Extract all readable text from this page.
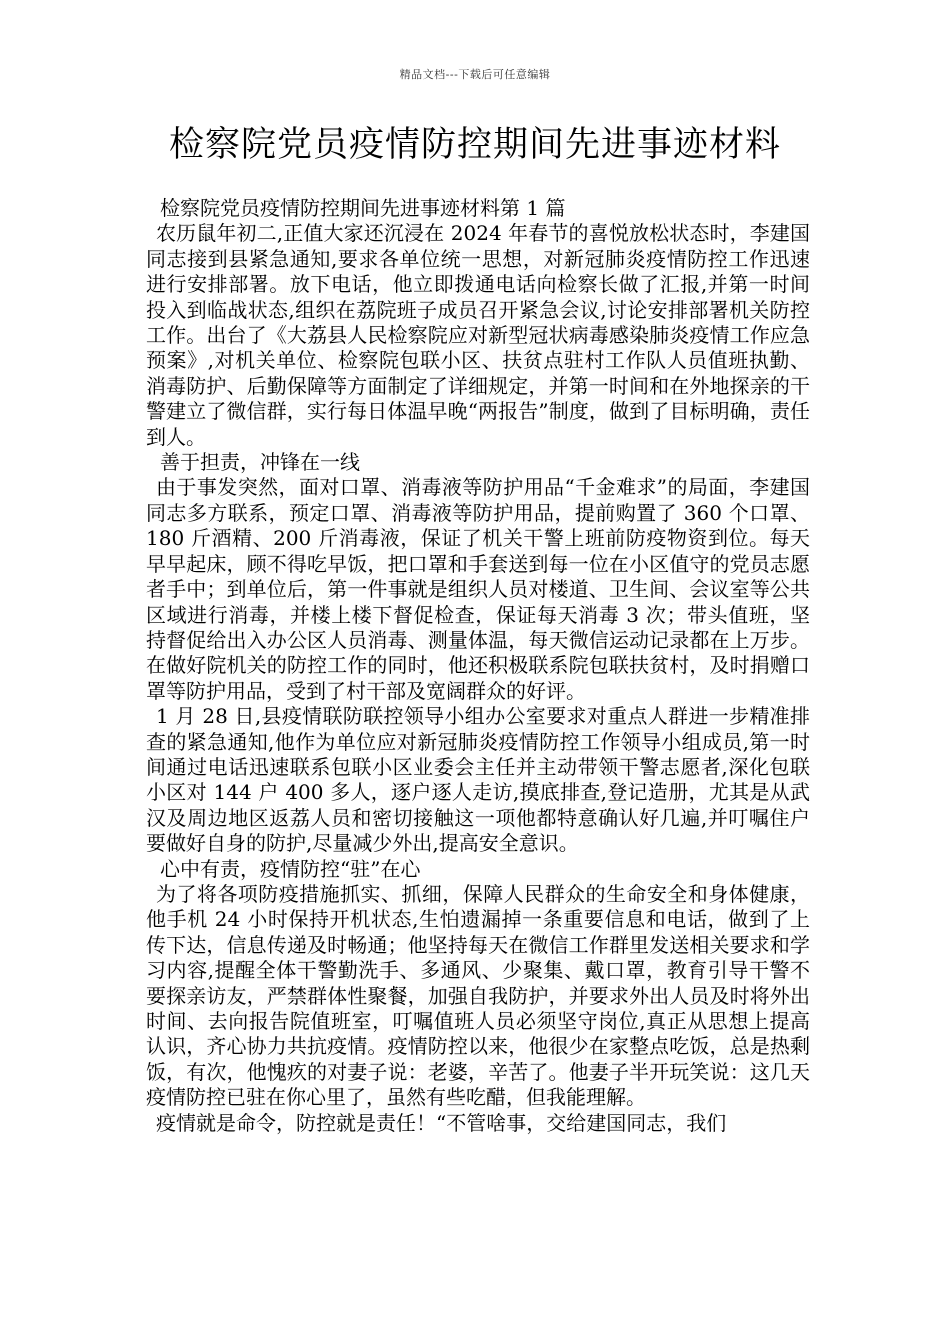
精品文档---下载后可任意编辑
检察院党员疫情防控期间先进事迹材料

检察院党员疫情防控期间先进事迹材料第 1 篇

农历鼠年初二,正值大家还沉浸在 2024 年春节的喜悦放松状态时，李建国同志接到县紧急通知,要求各单位统一思想，对新冠肺炎疫情防控工作迅速进行安排部署。放下电话，他立即拨通电话向检察长做了汇报,并第一时间投入到临战状态,组织在荔院班子成员召开紧急会议,讨论安排部署机关防控工作。出台了《大荔县人民检察院应对新型冠状病毒感染肺炎疫情工作应急预案》,对机关单位、检察院包联小区、扶贫点驻村工作队人员值班执勤、消毒防护、后勤保障等方面制定了详细规定，并第一时间和在外地探亲的干警建立了微信群，实行每日体温早晚“两报告”制度，做到了目标明确，责任到人。

善于担责，冲锋在一线

由于事发突然，面对口罩、消毒液等防护用品“千金难求”的局面，李建国同志多方联系，预定口罩、消毒液等防护用品，提前购置了 360 个口罩、180 斤酒精、200 斤消毒液，保证了机关干警上班前防疫物资到位。每天早早起床，顾不得吃早饭，把口罩和手套送到每一位在小区值守的党员志愿者手中；到单位后，第一件事就是组织人员对楼道、卫生间、会议室等公共区域进行消毒，并楼上楼下督促检查，保证每天消毒 3 次；带头值班，坚持督促给出入办公区人员消毒、测量体温，每天微信运动记录都在上万步。在做好院机关的防控工作的同时，他还积极联系院包联扶贫村，及时捐赠口罩等防护用品，受到了村干部及宽阔群众的好评。

1 月 28 日,县疫情联防联控领导小组办公室要求对重点人群进一步精准排查的紧急通知,他作为单位应对新冠肺炎疫情防控工作领导小组成员,第一时间通过电话迅速联系包联小区业委会主任并主动带领干警志愿者,深化包联小区对 144 户 400 多人，逐户逐人走访,摸底排查,登记造册，尤其是从武汉及周边地区返荔人员和密切接触这一项他都特意确认好几遍,并叮嘱住户要做好自身的防护,尽量减少外出,提高安全意识。

心中有责，疫情防控“驻”在心

为了将各项防疫措施抓实、抓细，保障人民群众的生命安全和身体健康，他手机 24 小时保持开机状态,生怕遗漏掉一条重要信息和电话，做到了上传下达，信息传递及时畅通；他坚持每天在微信工作群里发送相关要求和学习内容,提醒全体干警勤洗手、多通风、少聚集、戴口罩，教育引导干警不要探亲访友，严禁群体性聚餐，加强自我防护，并要求外出人员及时将外出时间、去向报告院值班室，叮嘱值班人员必须坚守岗位,真正从思想上提高认识，齐心协力共抗疫情。疫情防控以来，他很少在家整点吃饭，总是热剩饭，有次，他愧疚的对妻子说：老婆，辛苦了。他妻子半开玩笑说：这几天疫情防控已驻在你心里了，虽然有些吃醋，但我能理解。

疫情就是命令，防控就是责任！“不管啥事，交给建国同志，我们
